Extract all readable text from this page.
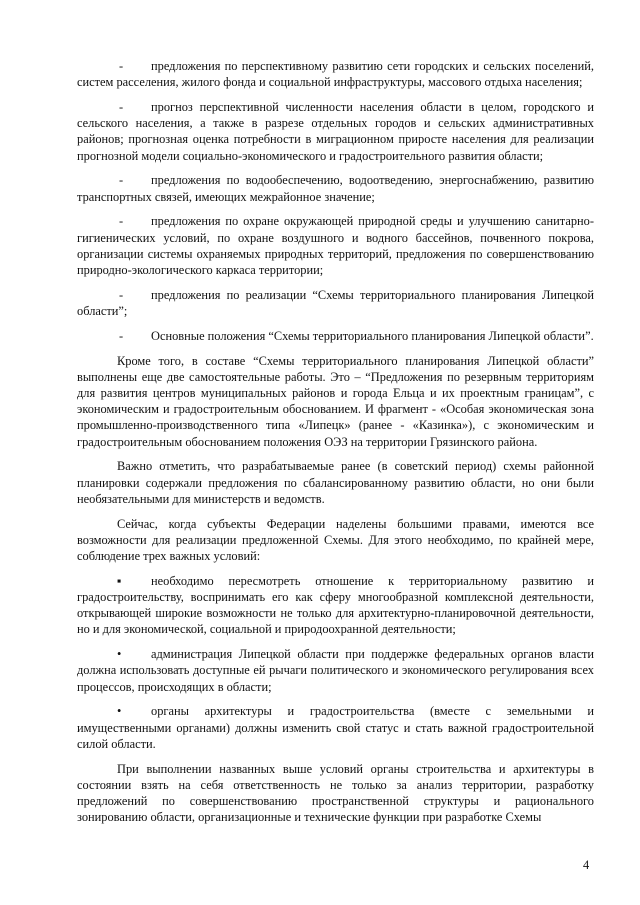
- предложения по перспективному развитию сети городских и сельских поселений, систем расселения, жилого фонда и социальной инфраструктуры, массового отдыха населения;

- прогноз перспективной численности населения области в целом, городского и сельского населения, а также в разрезе отдельных городов и сельских административных районов; прогнозная оценка потребности в миграционном приросте населения для реализации прогнозной модели социально-экономического и градостроительного развития области;

- предложения по водообеспечению, водоотведению, энергоснабжению, развитию транспортных связей, имеющих межрайонное значение;

- предложения по охране окружающей природной среды и улучшению санитарно-гигиенических условий, по охране воздушного и водного бассейнов, почвенного покрова, организации системы охраняемых природных территорий, предложения по совершенствованию природно-экологического каркаса территории;

- предложения по реализации “Схемы территориального планирования Липецкой области”;

- Основные положения “Схемы территориального планирования Липецкой области”.

Кроме того, в составе “Схемы территориального планирования Липецкой области” выполнены еще две самостоятельные работы. Это – “Предложения по резервным территориям для развития центров муниципальных районов и города Ельца и их проектным границам”, с экономическим и градостроительным обоснованием. И фрагмент - «Особая экономическая зона промышленно-производственного типа «Липецк» (ранее - «Казинка»), с экономическим и градостроительным обоснованием положения ОЭЗ на территории Грязинского района.

Важно отметить, что разрабатываемые ранее (в советский период) схемы районной планировки содержали предложения по сбалансированному развитию области, но они были необязательными для министерств и ведомств.

Сейчас, когда субъекты Федерации наделены большими правами, имеются все возможности для реализации предложенной Схемы. Для этого необходимо, по крайней мере, соблюдение трех важных условий:

▪ необходимо пересмотреть отношение к территориальному развитию и градостроительству, воспринимать его как сферу многообразной комплексной деятельности, открывающей широкие возможности не только для архитектурно-планировочной деятельности, но и для экономической, социальной и природоохранной деятельности;

• администрация Липецкой области при поддержке федеральных органов власти должна использовать доступные ей рычаги политического и экономического регулирования всех процессов, происходящих в области;

• органы архитектуры и градостроительства (вместе с земельными и имущественными органами) должны изменить свой статус и стать важной градостроительной силой области.

При выполнении названных выше условий органы строительства и архитектуры в состоянии взять на себя ответственность не только за анализ территории, разработку предложений по совершенствованию пространственной структуры и рационального зонированию области, организационные и технические функции при разработке Схемы

4
